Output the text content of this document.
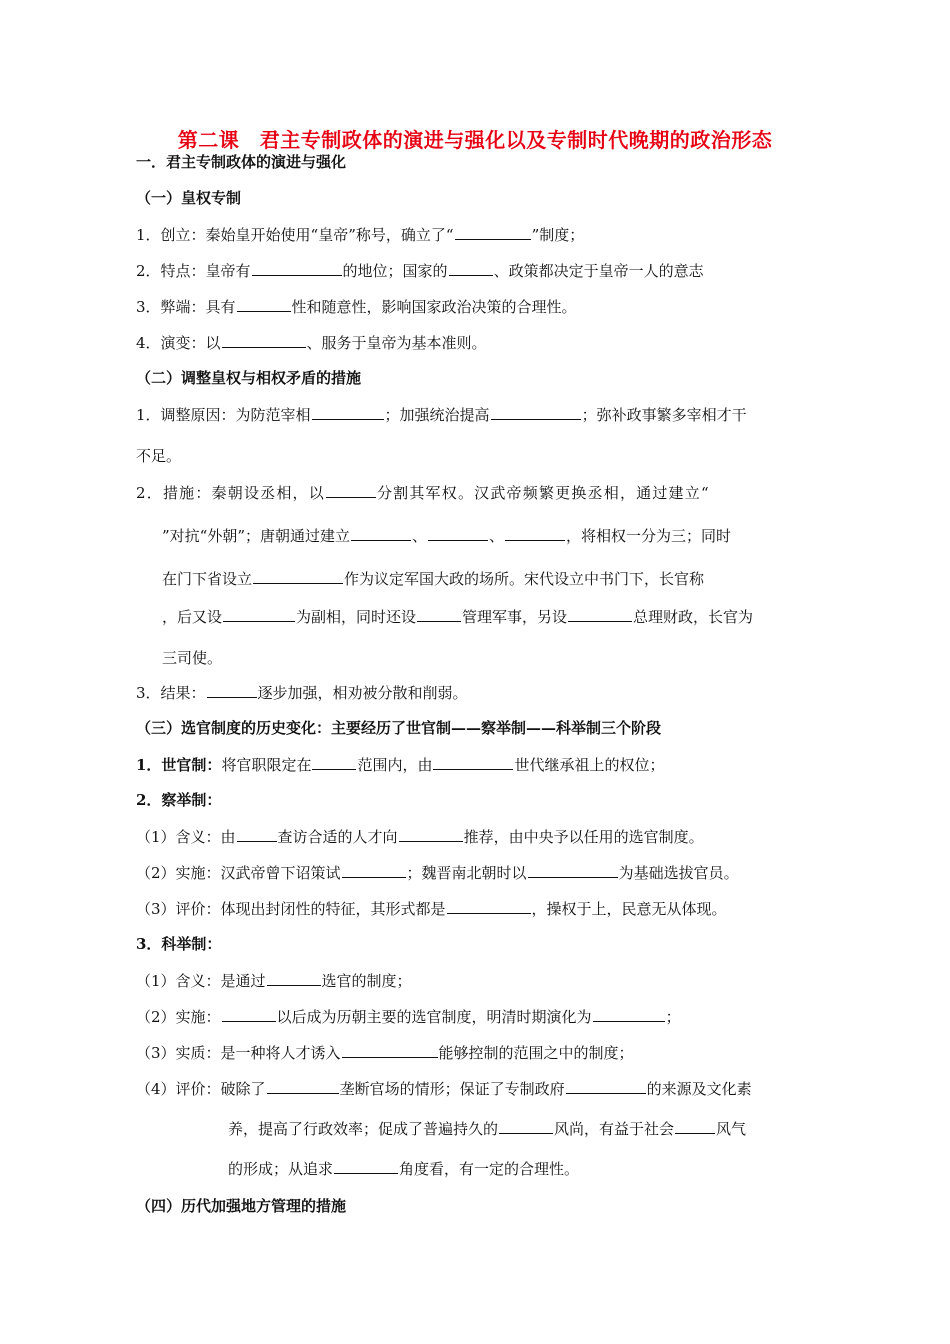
第二课　君主专制政体的演进与强化以及专制时代晚期的政治形态
一．君主专制政体的演进与强化
（一）皇权专制
1．创立：秦始皇开始使用“皇帝”称号，确立了“	”制度；
2．特点：皇帝有	的地位；国家的	、政策都决定于皇帝一人的意志
3．弊端：具有	性和随意性，影响国家政治决策的合理性。
4．演变：以	、服务于皇帝为基本准则。
（二）调整皇权与相权矛盾的措施
1．调整原因：为防范宰相	；加强统治提高	；弥补政事繁多宰相才干
不足。
2．措施：秦朝设丞相，以	分割其军权。汉武帝频繁更换丞相，通过建立“
”对抗“外朝”；唐朝通过建立	、	、	，将相权一分为三；同时
在门下省设立	作为议定军国大政的场所。宋代设立中书门下，长官称
，后又设	为副相，同时还设	管理军事，另设	总理财政，长官为
三司使。
3．结果：	逐步加强，相劝被分散和削弱。
（三）选官制度的历史变化：主要经历了世官制——察举制——科举制三个阶段
1．世官制：将官职限定在	范围内，由	世代继承祖上的权位；
2．察举制：
（1）含义：由	查访合适的人才向	推荐，由中央予以任用的选官制度。
（2）实施：汉武帝曾下诏策试	；魏晋南北朝时以	为基础选拔官员。
（3）评价：体现出封闭性的特征，其形式都是	，操权于上，民意无从体现。
3．科举制：
（1）含义：是通过	选官的制度；
（2）实施：	以后成为历朝主要的选官制度，明清时期演化为	；
（3）实质：是一种将人才诱入	能够控制的范围之中的制度；
（4）评价：破除了	垄断官场的情形；保证了专制政府	的来源及文化素
养，提高了行政效率；促成了普遍持久的	风尚，有益于社会	风气
的形成；从追求	角度看，有一定的合理性。
（四）历代加强地方管理的措施
